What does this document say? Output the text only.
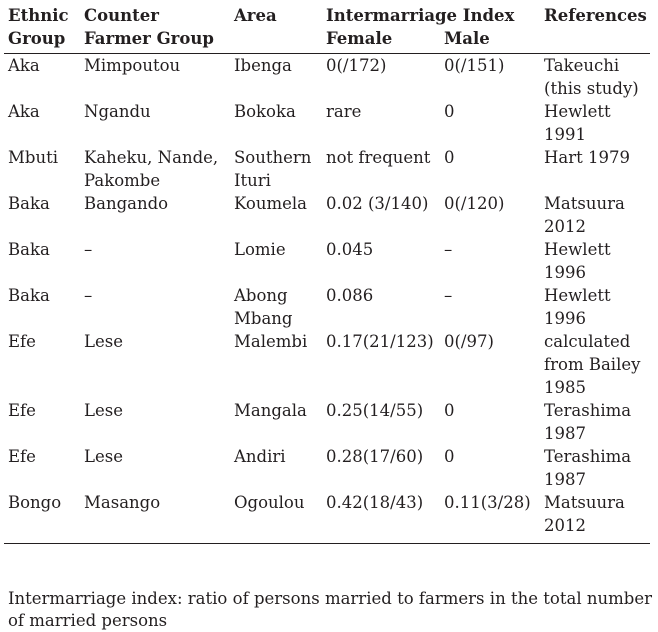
Ethnic Group	Counter Farmer Group	Area	Intermarriage Index		References
			Female	Male	
Aka	Mimpoutou	Ibenga	0(/172)	0(/151)	Takeuchi (this study)
Aka	Ngandu	Bokoka	rare	0	Hewlett 1991
Mbuti	Kaheku, Nande, Pakombe	Southern Ituri	not frequent	0	Hart 1979
Baka	Bangando	Koumela	0.02 (3/140)	0(/120)	Matsuura 2012
Baka	–	Lomie	0.045	–	Hewlett 1996
Baka	–	Abong Mbang	0.086	–	Hewlett 1996
Efe	Lese	Malembi	0.17(21/123)	0(/97)	calculated from Bailey 1985
Efe	Lese	Mangala	0.25(14/55)	0	Terashima 1987
Efe	Lese	Andiri	0.28(17/60)	0	Terashima 1987
Bongo	Masango	Ogoulou	0.42(18/43)	0.11(3/28)	Matsuura 2012
Intermarriage index: ratio of persons married to farmers in the total number of married persons
